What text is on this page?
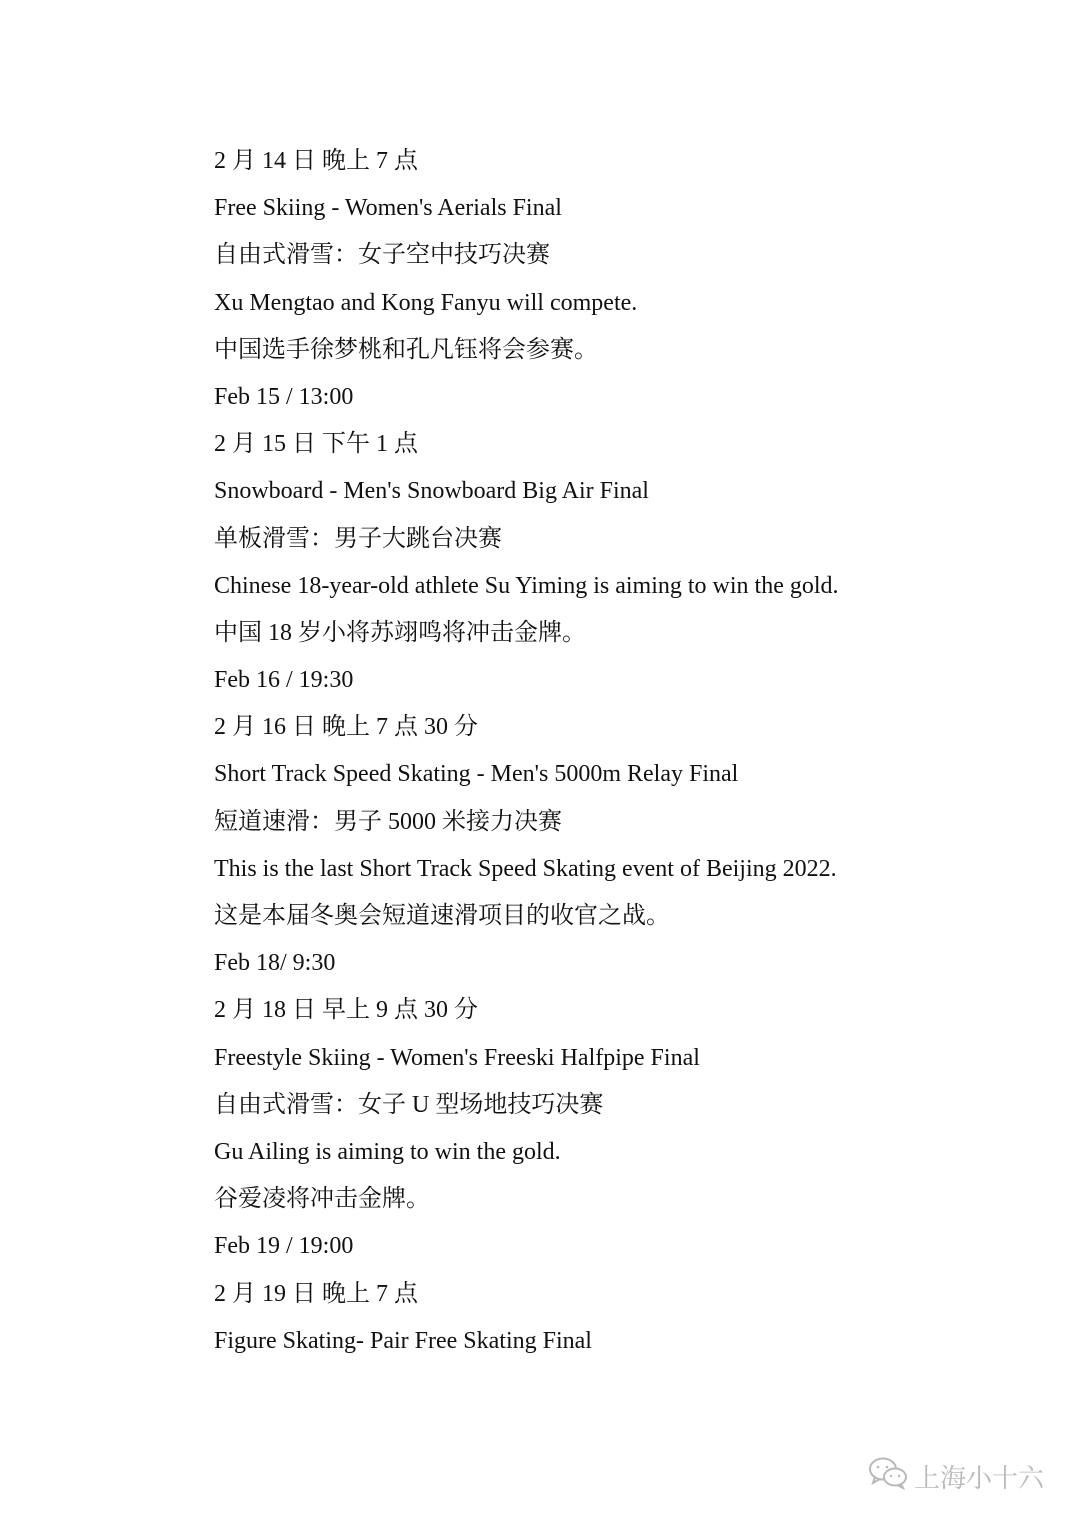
2 月 14 日 晚上 7 点
Free Skiing - Women's Aerials Final
自由式滑雪：女子空中技巧决赛
Xu Mengtao and Kong Fanyu will compete.
中国选手徐梦桃和孔凡钰将会参赛。
Feb 15 / 13:00
2 月 15 日 下午 1 点
Snowboard - Men's Snowboard Big Air Final
单板滑雪：男子大跳台决赛
Chinese 18-year-old athlete Su Yiming is aiming to win the gold.
中国 18 岁小将苏翊鸣将冲击金牌。
Feb 16 / 19:30
2 月 16 日 晚上 7 点 30 分
Short Track Speed Skating - Men's 5000m Relay Final
短道速滑：男子 5000 米接力决赛
This is the last Short Track Speed Skating event of Beijing 2022.
这是本届冬奥会短道速滑项目的收官之战。
Feb 18/ 9:30
2 月 18 日 早上 9 点 30 分
Freestyle Skiing - Women's Freeski Halfpipe Final
自由式滑雪：女子 U 型场地技巧决赛
Gu Ailing is aiming to win the gold.
谷爱凌将冲击金牌。
Feb 19 / 19:00
2 月 19 日 晚上 7 点
Figure Skating- Pair Free Skating Final
上海小十六
